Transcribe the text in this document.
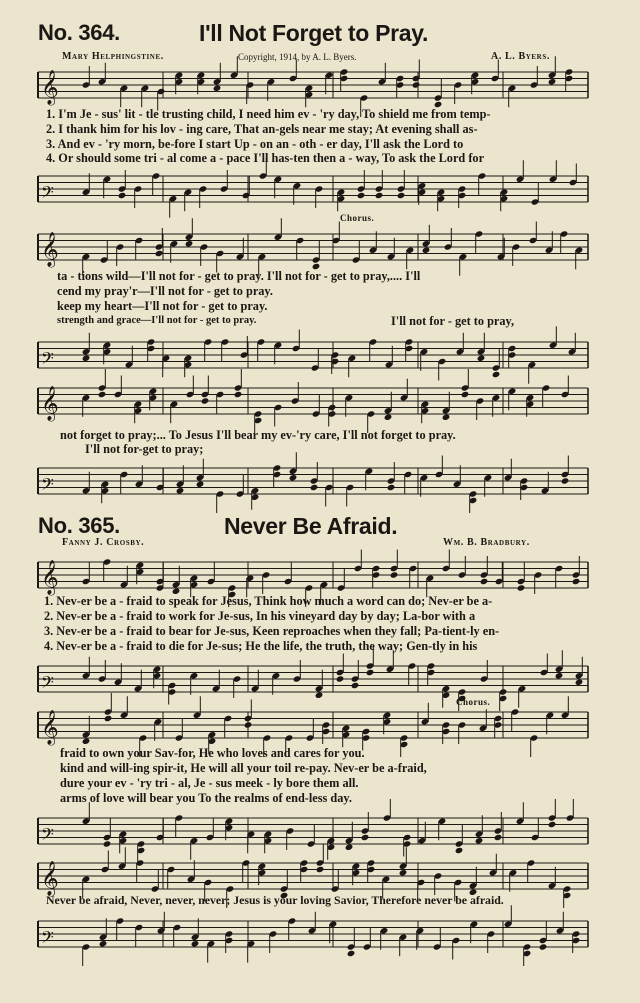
No. 364.	I'll Not Forget to Pray.
Mary Helphingstine.	Copyright, 1914, by A. L. Byers.	A. L. Byers.
𝄞
1. I'm Je - sus' lit - tle trusting child, I need him ev - 'ry day, To shield me from temp-
2. I thank him for his lov - ing care, That an-gels near me stay; At evening shall as-
3. And ev - 'ry morn, be-fore I start Up - on an - oth - er day, I'll ask the Lord to
4. Or should some tri - al come a - pace I'll has-ten then a - way, To ask the Lord for
𝄢
Chorus.
𝄞
ta - tions wild—I'll not for - get to pray. I'll not for - get to pray,.... I'll
cend my pray'r—I'll not for - get to pray.
keep my heart—I'll not for - get to pray.
strength and grace—I'll not for - get to pray.	I'll not for - get to pray,
𝄢
𝄞
not forget to pray;... To Jesus I'll bear my ev-'ry care, I'll not forget to pray.
I'll not for-get to pray;
𝄢
No. 365.	Never Be Afraid.
Fanny J. Crosby.	Wm. B. Bradbury.
𝄞
1. Nev-er be a - fraid to speak for Jesus, Think how much a word can do; Nev-er be a-
2. Nev-er be a - fraid to work for Je-sus, In his vineyard day by day; La-bor with a
3. Nev-er be a - fraid to bear for Je-sus, Keen reproaches when they fall; Pa-tient-ly en-
4. Nev-er be a - fraid to die for Je-sus; He the life, the truth, the way; Gen-tly in his
𝄢
Chorus.
𝄞
fraid to own your Sav-for, He who loves and cares for you.
kind and will-ing spir-it, He will all your toil re-pay. Nev-er be a-fraid,
dure your ev - 'ry tri - al, Je - sus meek - ly bore them all.
arms of love will bear you To the realms of end-less day.
𝄢
𝄞
Never be afraid, Never, never, never; Jesus is your loving Savior, Therefore never be afraid.
𝄢
